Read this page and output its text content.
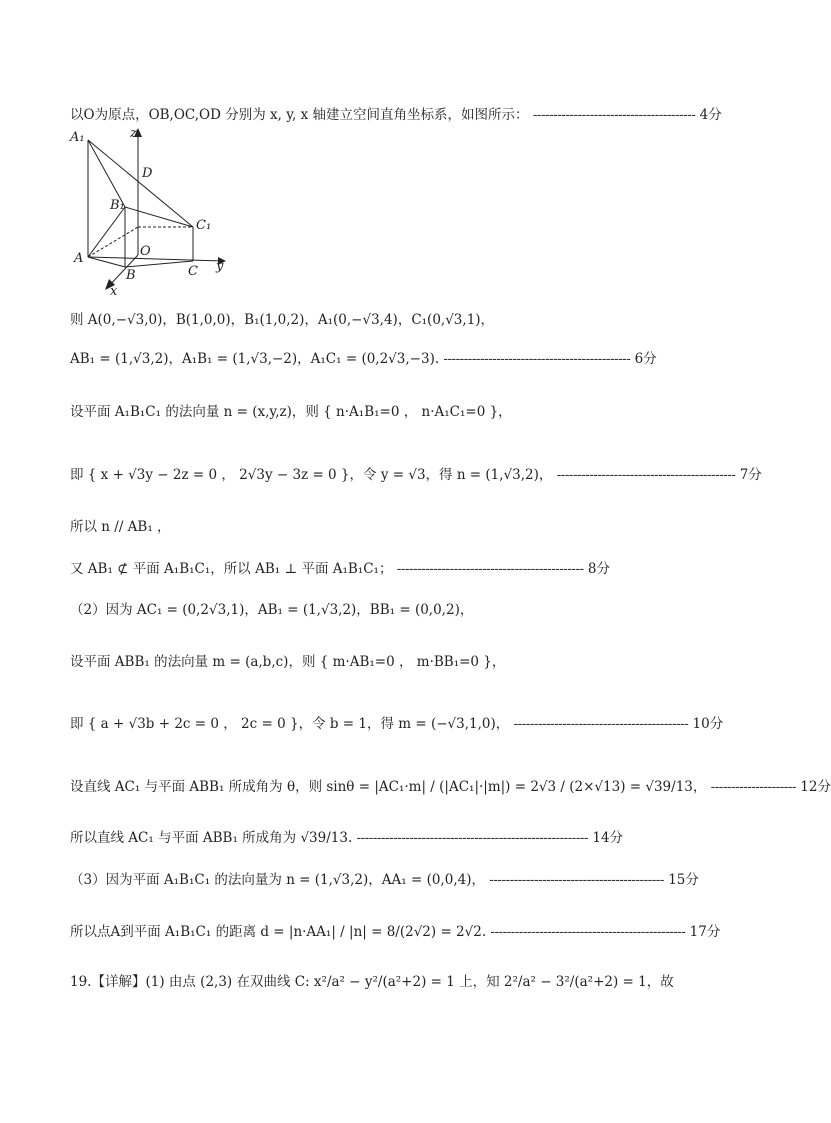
以O为原点，OB,OC,OD 分别为 x, y, x 轴建立空间直角坐标系，如图所示： ---------------------------------------- 4分
A₁	z
D
B₁
C₁
O
A
B	C y
x
则 A(0,−√3,0)，B(1,0,0)，B₁(1,0,2)，A₁(0,−√3,4)，C₁(0,√3,1)，
AB₁ = (1,√3,2)，A₁B₁ = (1,√3,−2)，A₁C₁ = (0,2√3,−3). ---------------------------------------------- 6分
设平面 A₁B₁C₁ 的法向量 n = (x,y,z)，则 { n·A₁B₁=0 ， n·A₁C₁=0 }，
即 { x + √3y − 2z = 0 ， 2√3y − 3z = 0 }，令 y = √3，得 n = (1,√3,2)， -------------------------------------------- 7分
所以 n // AB₁ ，
又 AB₁ ⊄ 平面 A₁B₁C₁，所以 AB₁ ⊥ 平面 A₁B₁C₁； ---------------------------------------------- 8分
（2）因为 AC₁ = (0,2√3,1)，AB₁ = (1,√3,2)，BB₁ = (0,0,2)，
设平面 ABB₁ 的法向量 m = (a,b,c)，则 { m·AB₁=0 ， m·BB₁=0 }，
即 { a + √3b + 2c = 0 ， 2c = 0 }，令 b = 1，得 m = (−√3,1,0)， ------------------------------------------- 10分
设直线 AC₁ 与平面 ABB₁ 所成角为 θ，则 sinθ = |AC₁·m| / (|AC₁|·|m|) = 2√3 / (2×√13) = √39/13， --------------------- 12分
所以直线 AC₁ 与平面 ABB₁ 所成角为 √39/13. --------------------------------------------------------- 14分
（3）因为平面 A₁B₁C₁ 的法向量为 n = (1,√3,2)，AA₁ = (0,0,4)， ------------------------------------------- 15分
所以点A到平面 A₁B₁C₁ 的距离 d = |n·AA₁| / |n| = 8/(2√2) = 2√2. ------------------------------------------------ 17分
19.【详解】(1) 由点 (2,3) 在双曲线 C: x²/a² − y²/(a²+2) = 1 上，知 2²/a² − 3²/(a²+2) = 1，故
